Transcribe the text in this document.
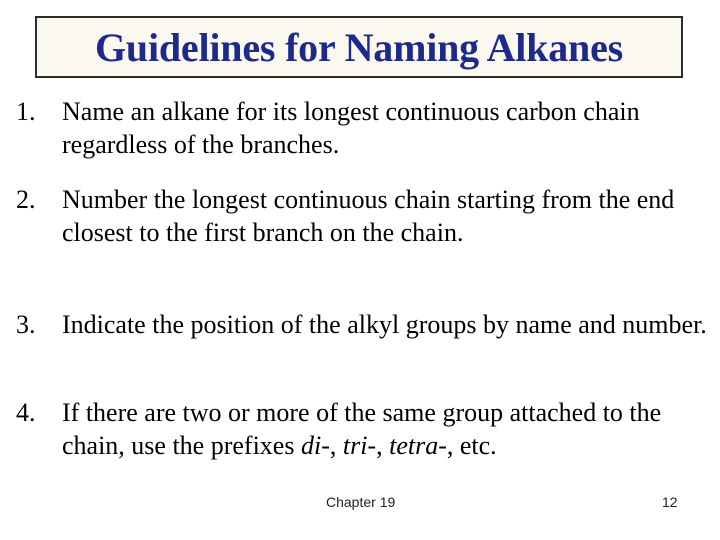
Guidelines for Naming Alkanes
1.	Name an alkane for its longest continuous carbon chain regardless of the branches.
2.	Number the longest continuous chain starting from the end closest to the first branch on the chain.
3.	Indicate the position of the alkyl groups by name and number.
4.	If there are two or more of the same group attached to the chain, use the prefixes di-, tri-, tetra-, etc.
Chapter 19	12
